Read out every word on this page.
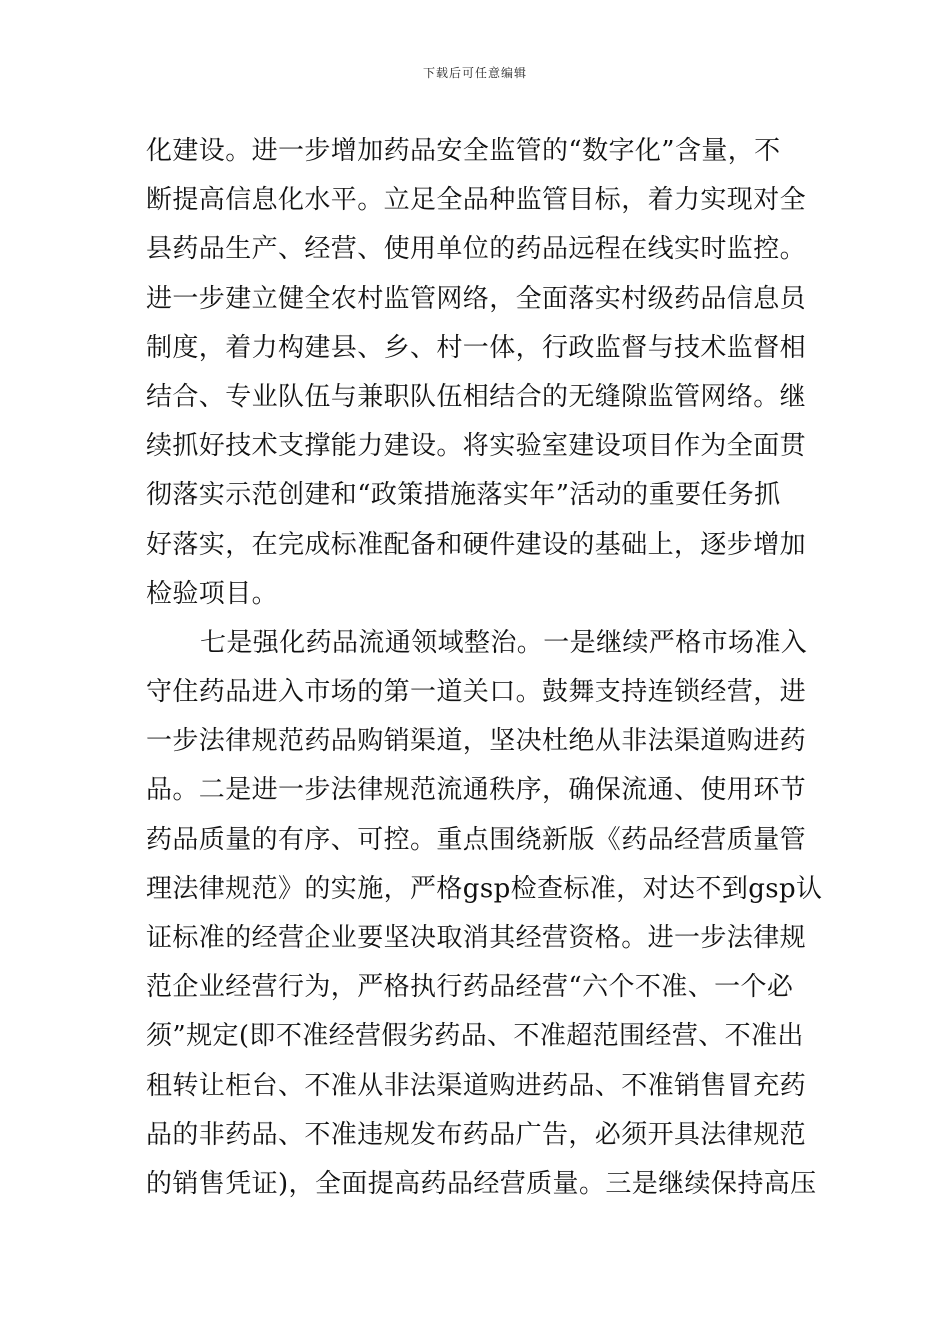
下载后可任意编辑
化建设。进一步增加药品安全监管的“数字化”含量，不
断提高信息化水平。立足全品种监管目标，着力实现对全
县药品生产、经营、使用单位的药品远程在线实时监控。
进一步建立健全农村监管网络，全面落实村级药品信息员
制度，着力构建县、乡、村一体，行政监督与技术监督相
结合、专业队伍与兼职队伍相结合的无缝隙监管网络。继
续抓好技术支撑能力建设。将实验室建设项目作为全面贯
彻落实示范创建和“政策措施落实年”活动的重要任务抓
好落实，在完成标准配备和硬件建设的基础上，逐步增加
检验项目。
七是强化药品流通领域整治。一是继续严格市场准入
守住药品进入市场的第一道关口。鼓舞支持连锁经营，进
一步法律规范药品购销渠道，坚决杜绝从非法渠道购进药
品。二是进一步法律规范流通秩序，确保流通、使用环节
药品质量的有序、可控。重点围绕新版《药品经营质量管
理法律规范》的实施，严格gsp检查标准，对达不到gsp认
证标准的经营企业要坚决取消其经营资格。进一步法律规
范企业经营行为，严格执行药品经营“六个不准、一个必
须”规定(即不准经营假劣药品、不准超范围经营、不准出
租转让柜台、不准从非法渠道购进药品、不准销售冒充药
品的非药品、不准违规发布药品广告，必须开具法律规范
的销售凭证)，全面提高药品经营质量。三是继续保持高压
